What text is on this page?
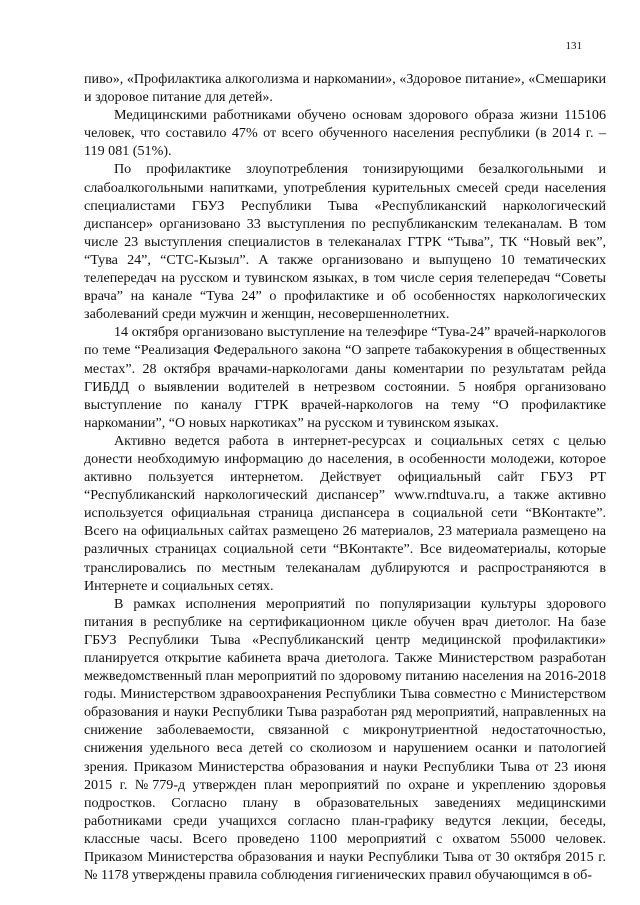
131

пиво», «Профилактика алкоголизма и наркомании», «Здоровое питание», «Смешарики и здоровое питание для детей».

Медицинскими работниками обучено основам здорового образа жизни 115106 человек, что составило 47% от всего обученного населения республики (в 2014 г. – 119 081 (51%).

По профилактике злоупотребления тонизирующими безалкогольными и слабоалкогольными напитками, употребления курительных смесей среди населения специалистами ГБУЗ Республики Тыва «Республиканский наркологический диспансер» организовано 33 выступления по республиканским телеканалам. В том числе 23 выступления специалистов в телеканалах ГТРК “Тыва”, ТК “Новый век”, “Тува 24”, “СТС-Кызыл”. А также организовано и выпущено 10 тематических телепередач на русском и тувинском языках, в том числе серия телепередач “Советы врача” на канале “Тува 24” о профилактике и об особенностях наркологических заболеваний среди мужчин и женщин, несовершеннолетних.

14 октября организовано выступление на телеэфире “Тува-24” врачей-наркологов по теме “Реализация Федерального закона “О запрете табакокурения в общественных местах”. 28 октября врачами-наркологами даны коментарии по результатам рейда ГИБДД о выявлении водителей в нетрезвом состоянии. 5 ноября организовано выступление по каналу ГТРК врачей-наркологов на тему “О профилактике наркомании”, “О новых наркотиках” на русском и тувинском языках.

Активно ведется работа в интернет-ресурсах и социальных сетях с целью донести необходимую информацию до населения, в особенности молодежи, которое активно пользуется интернетом. Действует официальный сайт ГБУЗ РТ “Республиканский наркологический диспансер” www.rndtuva.ru, а также активно используется официальная страница диспансера в социальной сети “ВКонтакте”. Всего на официальных сайтах размещено 26 материалов, 23 материала размещено на различных страницах социальной сети “ВКонтакте”. Все видеоматериалы, которые транслировались по местным телеканалам дублируются и распространяются в Интернете и социальных сетях.

В рамках исполнения мероприятий по популяризации культуры здорового питания в республике на сертификационном цикле обучен врач диетолог. На базе ГБУЗ Республики Тыва «Республиканский центр медицинской профилактики» планируется открытие кабинета врача диетолога. Также Министерством разработан межведомственный план мероприятий по здоровому питанию населения на 2016-2018 годы. Министерством здравоохранения Республики Тыва совместно с Министерством образования и науки Республики Тыва разработан ряд мероприятий, направленных на снижение заболеваемости, связанной с микронутриентной недостаточностью, снижения удельного веса детей со сколиозом и нарушением осанки и патологией зрения. Приказом Министерства образования и науки Республики Тыва от 23 июня 2015 г. №779-д утвержден план мероприятий по охране и укреплению здоровья подростков. Согласно плану в образовательных заведениях медицинскими работниками среди учащихся согласно план-графику ведутся лекции, беседы, классные часы. Всего проведено 1100 мероприятий с охватом 55000 человек. Приказом Министерства образования и науки Республики Тыва от 30 октября 2015 г. № 1178 утверждены правила соблюдения гигиенических правил обучающимся в об-
